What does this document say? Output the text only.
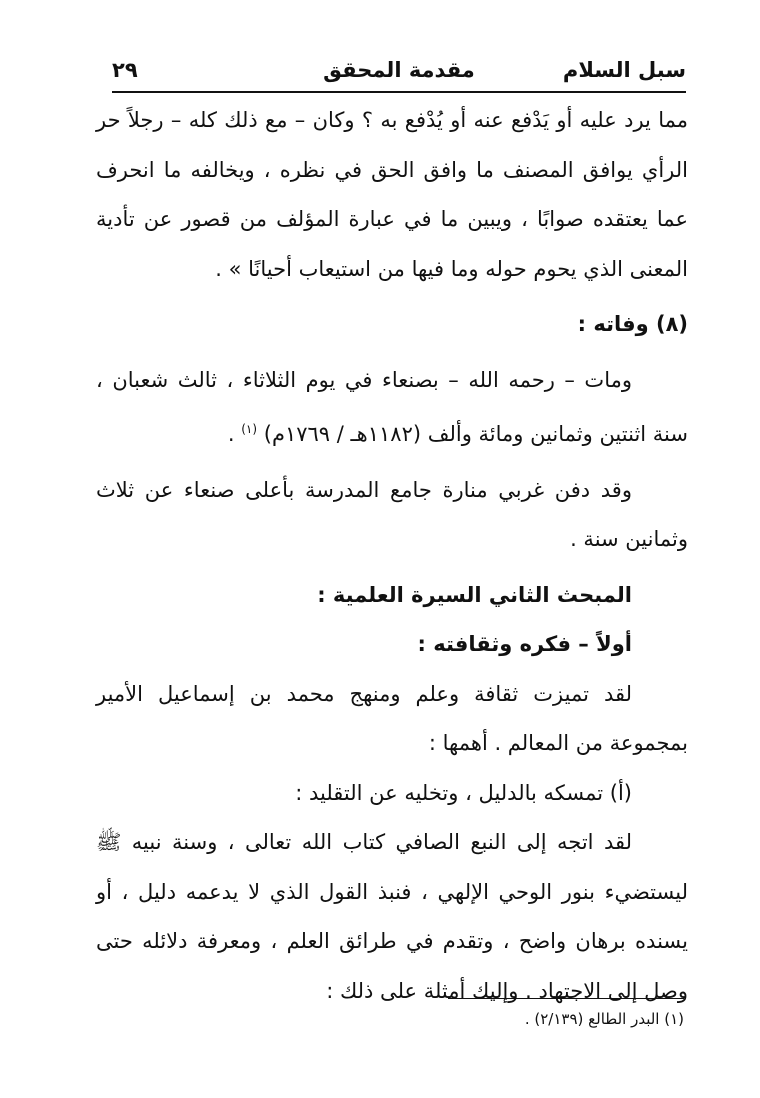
سبل السلام
مقدمة المحقق
٢٩

مما يرد عليه أو يَدْفع عنه أو يُدْفع به ؟ وكان – مع ذلك كله – رجلاً حر الرأي يوافق المصنف ما وافق الحق في نظره ، ويخالفه ما انحرف عما يعتقده صوابًا ، ويبين ما في عبارة المؤلف من قصور عن تأدية المعنى الذي يحوم حوله وما فيها من استيعاب أحيانًا » .

(٨) وفاته :

ومات – رحمه الله – بصنعاء في يوم الثلاثاء ، ثالث شعبان ، سنة اثنتين وثمانين ومائة وألف (١١٨٢هـ / ١٧٦٩م) $^{(١)}$ .

وقد دفن غربي منارة جامع المدرسة بأعلى صنعاء عن ثلاث وثمانين سنة .

المبحث الثاني السيرة العلمية :

أولاً – فكره وثقافته :

لقد تميزت ثقافة وعلم ومنهج محمد بن إسماعيل الأمير بمجموعة من المعالم . أهمها :

(أ) تمسكه بالدليل ، وتخليه عن التقليد :

لقد اتجه إلى النبع الصافي كتاب الله تعالى ، وسنة نبيه ﷺ ليستضيء بنور الوحي الإلهي ، فنبذ القول الذي لا يدعمه دليل ، أو يسنده برهان واضح ، وتقدم في طرائق العلم ، ومعرفة دلائله حتى وصل إلى الاجتهاد . وإليك أمثلة على ذلك :

(١) البدر الطالع (٢/١٣٩) .
